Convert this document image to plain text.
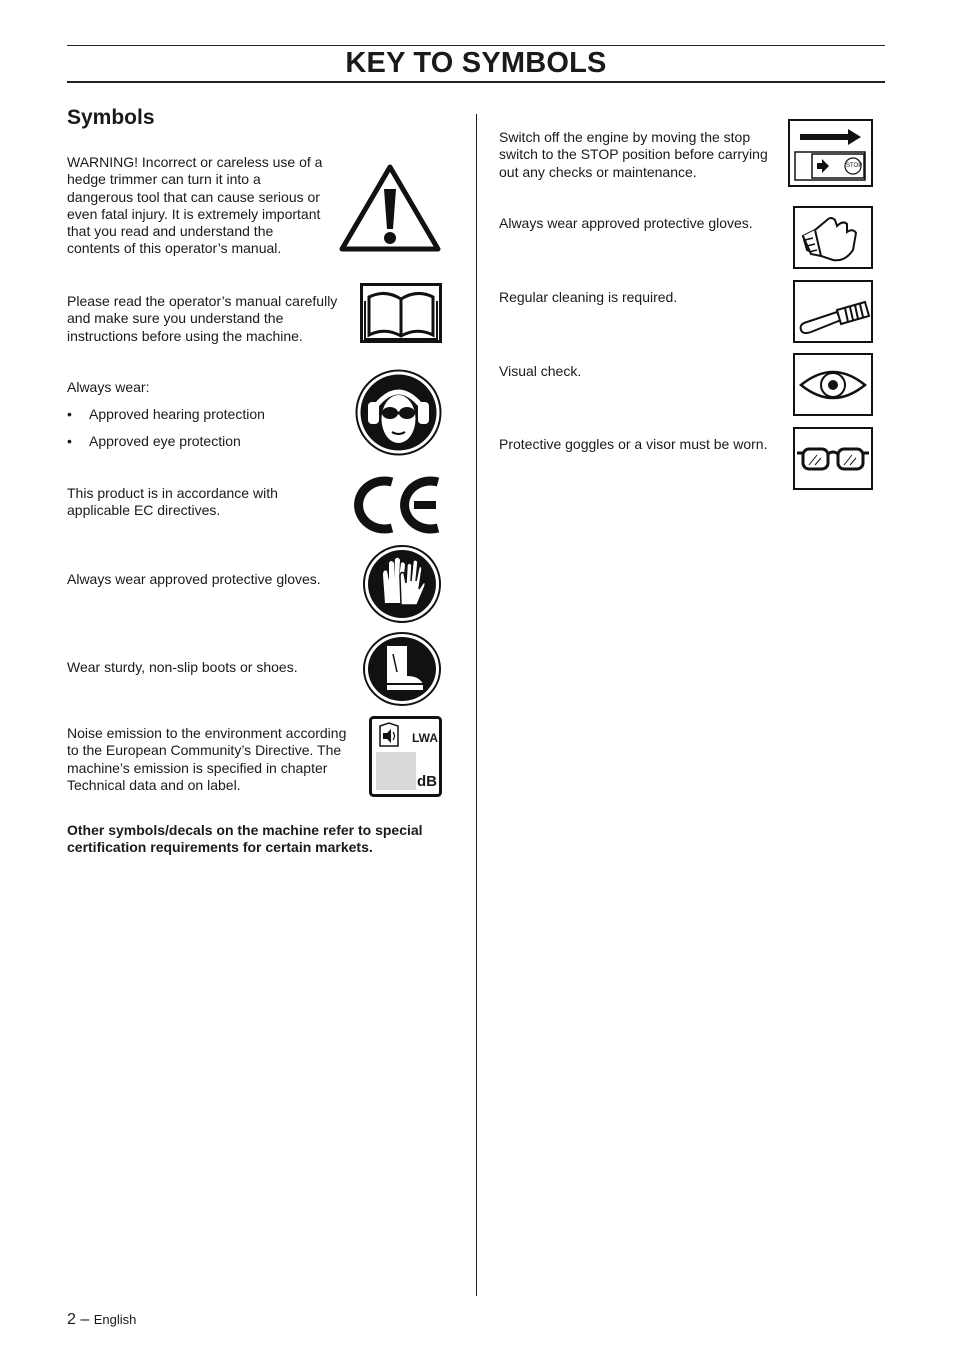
KEY TO SYMBOLS
Symbols

WARNING! Incorrect or careless use of a hedge trimmer can turn it into a dangerous tool that can cause serious or even fatal injury. It is extremely important that you read and understand the contents of this operator’s manual.

Please read the operator’s manual carefully and make sure you understand the instructions before using the machine.

Always wear:

• Approved hearing protection
• Approved eye protection

This product is in accordance with applicable EC directives.

Always wear approved protective gloves.

Wear sturdy, non-slip boots or shoes.

Noise emission to the environment according to the European Community’s Directive. The machine’s emission is specified in chapter Technical data and on label.

LWA
dB

Other symbols/decals on the machine refer to special certification requirements for certain markets.

Switch off the engine by moving the stop switch to the STOP position before carrying out any checks or maintenance.	STOP

Always wear approved protective gloves.

Regular cleaning is required.

Visual check.

Protective goggles or a visor must be worn.

2 – English
